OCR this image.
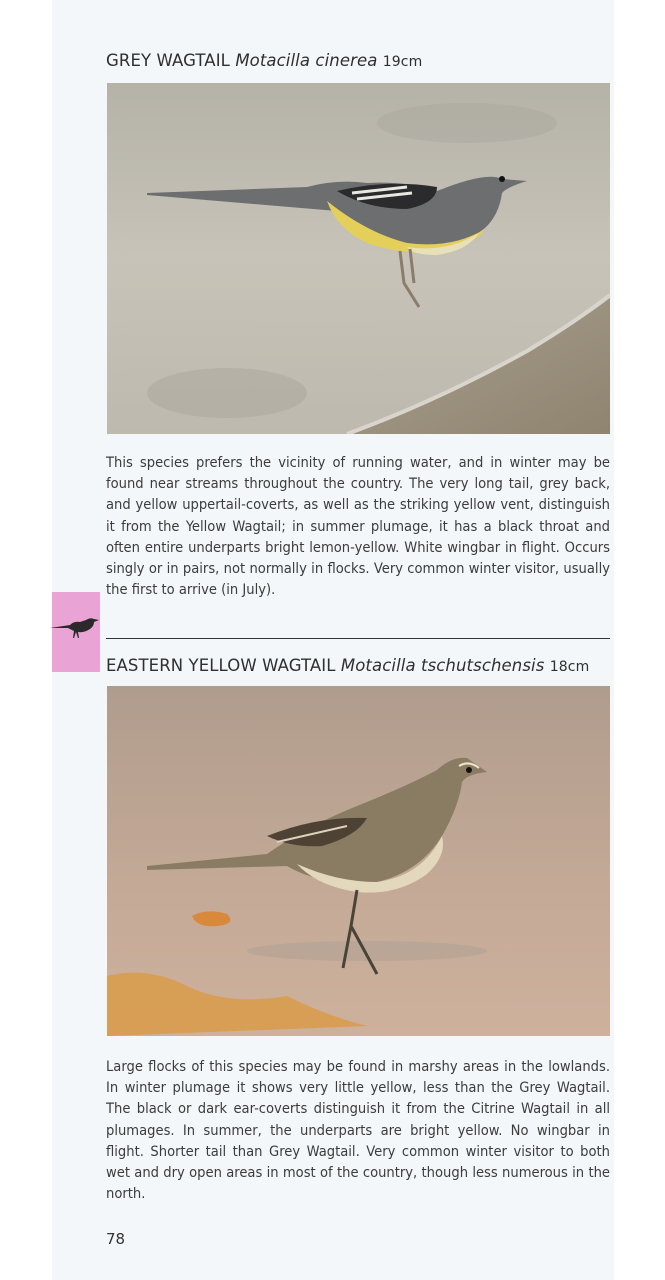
GREY WAGTAIL Motacilla cinerea 19cm
This species prefers the vicinity of running water, and in winter may be found near streams throughout the country. The very long tail, grey back, and yellow uppertail-coverts, as well as the striking yellow vent, distinguish it from the Yellow Wagtail; in summer plumage, it has a black throat and often entire underparts bright lemon-yellow. White wingbar in flight. Occurs singly or in pairs, not normally in flocks. Very common winter visitor, usually the first to arrive (in July).
EASTERN YELLOW WAGTAIL Motacilla tschutschensis 18cm
Large flocks of this species may be found in marshy areas in the lowlands. In winter plumage it shows very little yellow, less than the Grey Wagtail. The black or dark ear-coverts distinguish it from the Citrine Wagtail in all plumages. In summer, the underparts are bright yellow. No wingbar in flight. Shorter tail than Grey Wagtail. Very common winter visitor to both wet and dry open areas in most of the country, though less numerous in the north.
78
